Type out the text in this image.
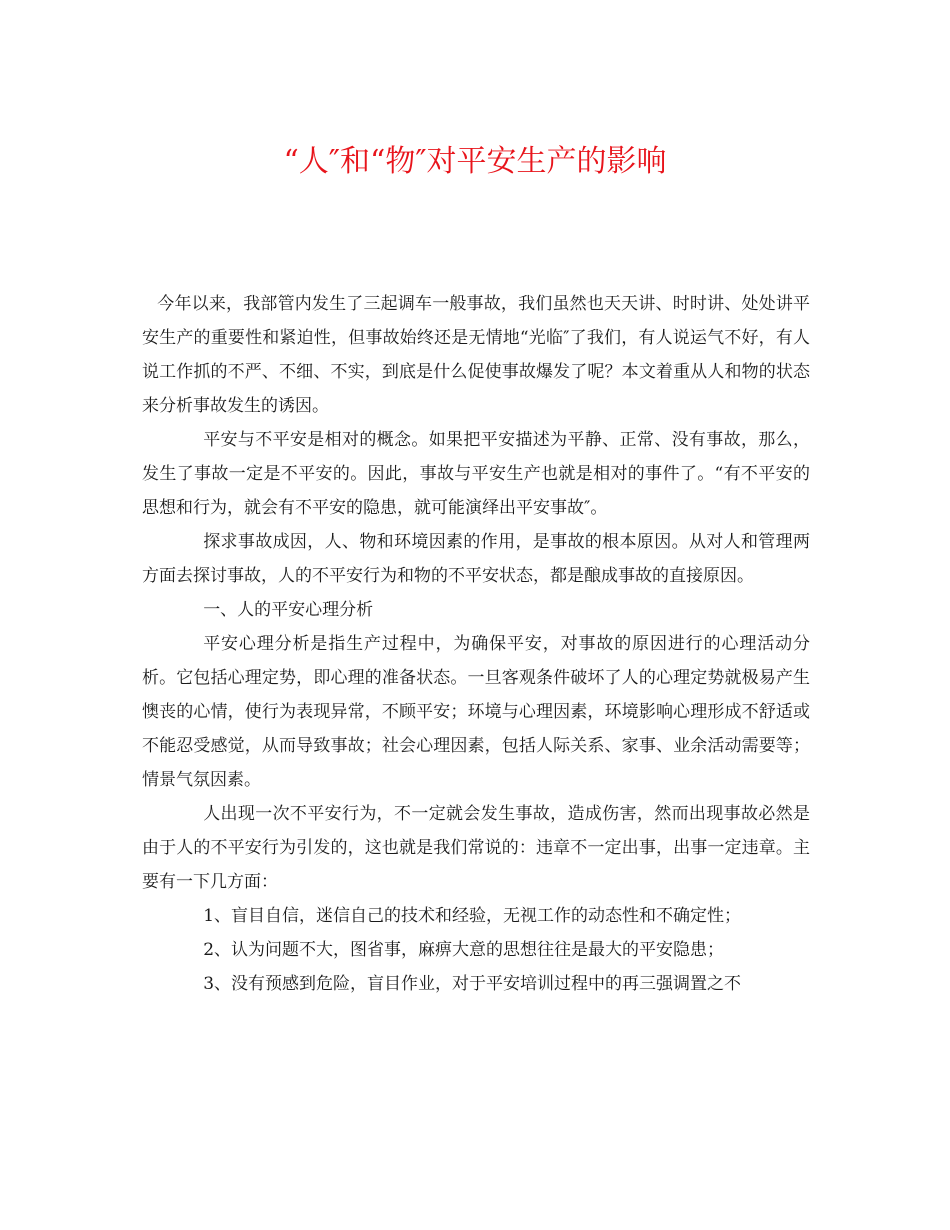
“人″和“物″对平安生产的影响

今年以来，我部管内发生了三起调车一般事故，我们虽然也天天讲、时时讲、处处讲平安生产的重要性和紧迫性，但事故始终还是无情地“光临″了我们，有人说运气不好，有人说工作抓的不严、不细、不实，到底是什么促使事故爆发了呢？本文着重从人和物的状态来分析事故发生的诱因。

平安与不平安是相对的概念。如果把平安描述为平静、正常、没有事故，那么，发生了事故一定是不平安的。因此，事故与平安生产也就是相对的事件了。“有不平安的思想和行为，就会有不平安的隐患，就可能演绎出平安事故″。

探求事故成因，人、物和环境因素的作用，是事故的根本原因。从对人和管理两方面去探讨事故，人的不平安行为和物的不平安状态，都是酿成事故的直接原因。

一、人的平安心理分析

平安心理分析是指生产过程中，为确保平安，对事故的原因进行的心理活动分析。它包括心理定势，即心理的准备状态。一旦客观条件破坏了人的心理定势就极易产生懊丧的心情，使行为表现异常，不顾平安；环境与心理因素，环境影响心理形成不舒适或不能忍受感觉，从而导致事故；社会心理因素，包括人际关系、家事、业余活动需要等；情景气氛因素。

人出现一次不平安行为，不一定就会发生事故，造成伤害，然而出现事故必然是由于人的不平安行为引发的，这也就是我们常说的：违章不一定出事，出事一定违章。主要有一下几方面：

1、盲目自信，迷信自己的技术和经验，无视工作的动态性和不确定性；

2、认为问题不大，图省事，麻痹大意的思想往往是最大的平安隐患；

3、没有预感到危险，盲目作业，对于平安培训过程中的再三强调置之不
